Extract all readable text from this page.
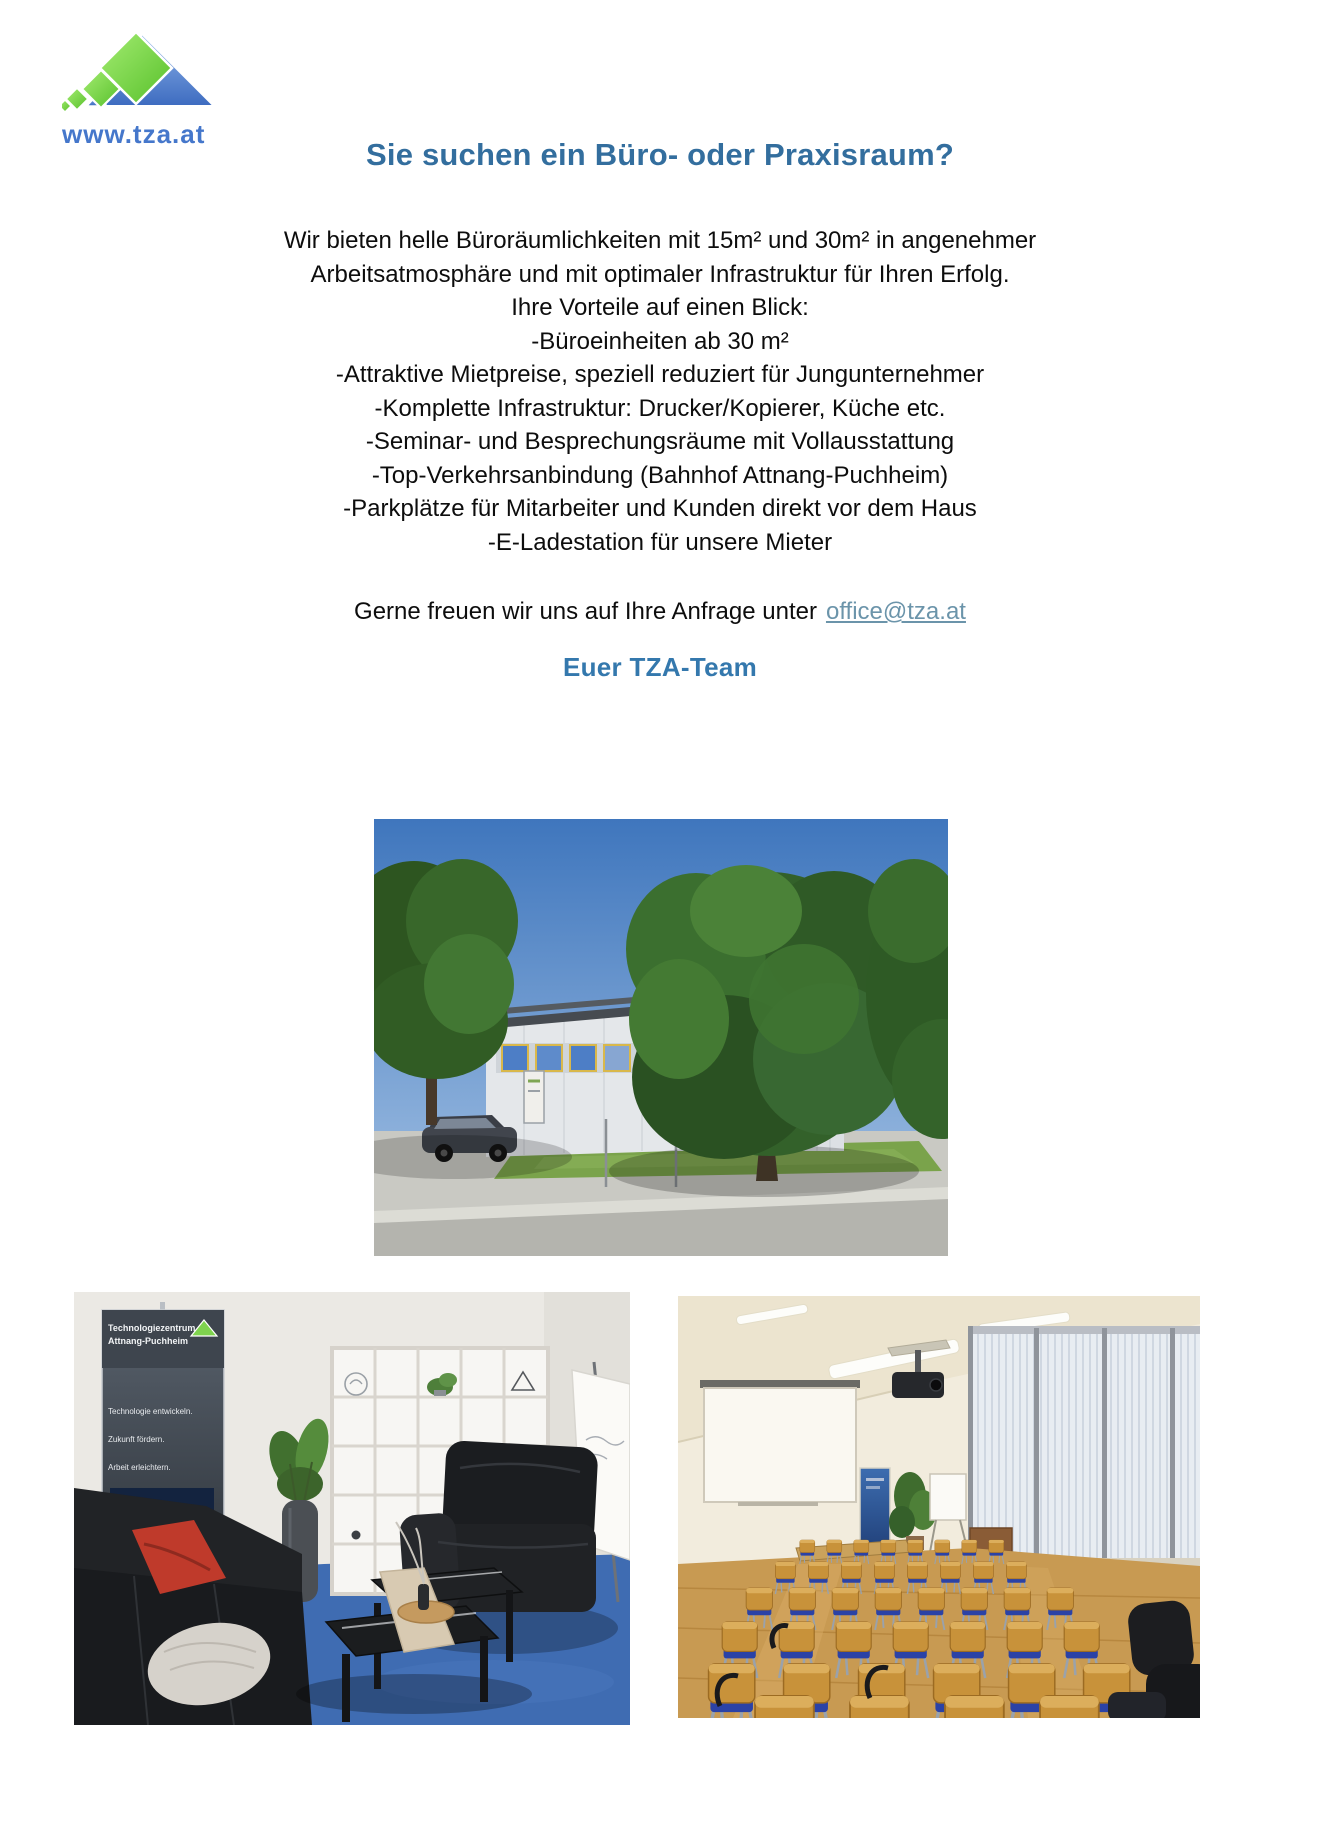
www.tza.at
Sie suchen ein Büro- oder Praxisraum?
Wir bieten helle Büroräumlichkeiten mit 15m² und 30m² in angenehmer
Arbeitsatmosphäre und mit optimaler Infrastruktur für Ihren Erfolg.
Ihre Vorteile auf einen Blick:
-Büroeinheiten ab 30 m²
-Attraktive Mietpreise, speziell reduziert für Jungunternehmer
-Komplette Infrastruktur: Drucker/Kopierer, Küche etc.
-Seminar- und Besprechungsräume mit Vollausstattung
-Top-Verkehrsanbindung (Bahnhof Attnang-Puchheim)
-Parkplätze für Mitarbeiter und Kunden direkt vor dem Haus
-E-Ladestation für unsere Mieter
Gerne freuen wir uns auf Ihre Anfrage unter office@tza.at
Euer TZA-Team
Technologiezentrum
Attnang-Puchheim
Technologie entwickeln.
Zukunft fördern.
Arbeit erleichtern.
